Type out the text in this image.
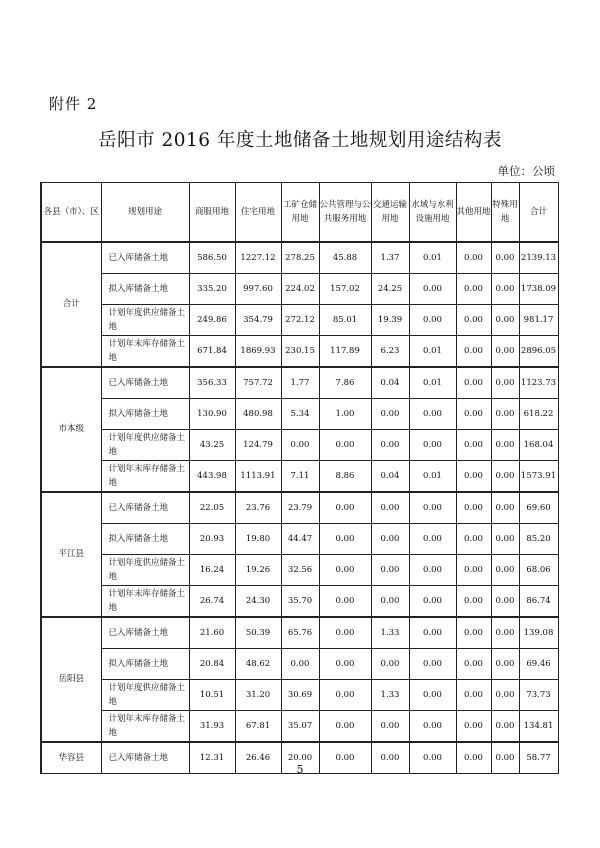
附件 2
岳阳市 2016 年度土地储备土地规划用途结构表
单位：公顷
各县（市）、区	规划用途	商服用地	住宅用地	工矿仓储用地	公共管理与公共服务用地	交通运输用地	水域与水利设施用地	其他用地	特殊用地	合计
合计	已入库储备土地	586.50	1227.12	278.25	45.88	1.37	0.01	0.00	0.00	2139.13
	拟入库储备土地	335.20	997.60	224.02	157.02	24.25	0.00	0.00	0.00	1738.09
	计划年度供应储备土地	249.86	354.79	272.12	85.01	19.39	0.00	0.00	0.00	981.17
	计划年末库存储备土地	671.84	1869.93	230.15	117.89	6.23	0.01	0.00	0.00	2896.05
市本级	已入库储备土地	356.33	757.72	1.77	7.86	0.04	0.01	0.00	0.00	1123.73
	拟入库储备土地	130.90	480.98	5.34	1.00	0.00	0.00	0.00	0.00	618.22
	计划年度供应储备土地	43.25	124.79	0.00	0.00	0.00	0.00	0.00	0.00	168.04
	计划年末库存储备土地	443.98	1113.91	7.11	8.86	0.04	0.01	0.00	0.00	1573.91
平江县	已入库储备土地	22.05	23.76	23.79	0.00	0.00	0.00	0.00	0.00	69.60
	拟入库储备土地	20.93	19.80	44.47	0.00	0.00	0.00	0.00	0.00	85.20
	计划年度供应储备土地	16.24	19.26	32.56	0.00	0.00	0.00	0.00	0.00	68.06
	计划年末库存储备土地	26.74	24.30	35.70	0.00	0.00	0.00	0.00	0.00	86.74
岳阳县	已入库储备土地	21.60	50.39	65.76	0.00	1.33	0.00	0.00	0.00	139.08
	拟入库储备土地	20.84	48.62	0.00	0.00	0.00	0.00	0.00	0.00	69.46
	计划年度供应储备土地	10.51	31.20	30.69	0.00	1.33	0.00	0.00	0.00	73.73
	计划年末库存储备土地	31.93	67.81	35.07	0.00	0.00	0.00	0.00	0.00	134.81
华容县	已入库储备土地	12.31	26.46	20.00	0.00	0.00	0.00	0.00	0.00	58.77
5
